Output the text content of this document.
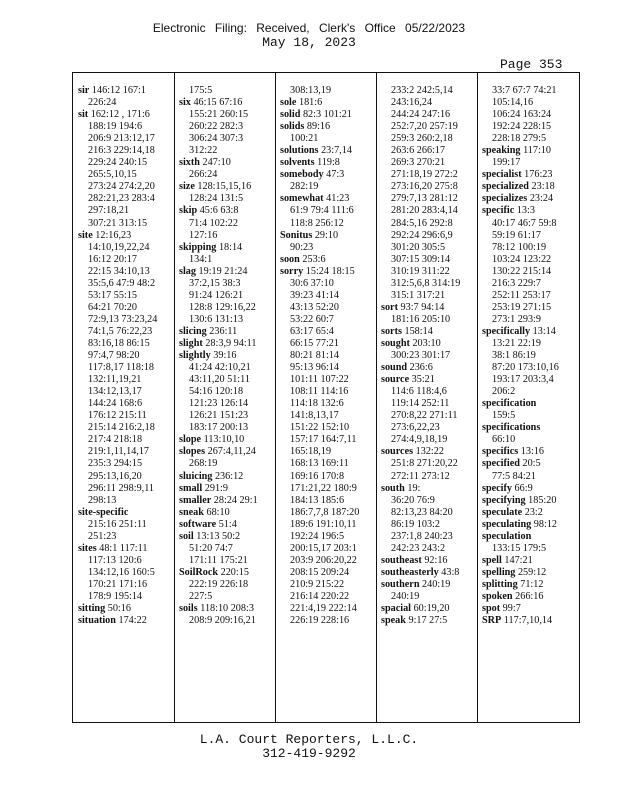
Electronic Filing: Received, Clerk's Office 05/22/2023
May 18, 2023
Page 353
sir 146:12 167:1
226:24
sit 162:12 , 171:6
188:19 194:6
206:9 213:12,17
216:3 229:14,18
229:24 240:15
265:5,10,15
273:24 274:2,20
282:21,23 283:4
297:18,21
307:21 313:15
site 12:16,23
14:10,19,22,24
16:12 20:17
22:15 34:10,13
35:5,6 47:9 48:2
53:17 55:15
64:21 70:20
72:9,13 73:23,24
74:1,5 76:22,23
83:16,18 86:15
97:4,7 98:20
117:8,17 118:18
132:11,19,21
134:12,13,17
144:24 168:6
176:12 215:11
215:14 216:2,18
217:4 218:18
219:1,11,14,17
235:3 294:15
295:13,16,20
296:11 298:9,11
298:13
site-specific
215:16 251:11
251:23
sites 48:1 117:11
117:13 120:6
134:12,16 160:5
170:21 171:16
178:9 195:14
sitting 50:16
situation 174:22
175:5
six 46:15 67:16
155:21 260:15
260:22 282:3
306:24 307:3
312:22
sixth 247:10
266:24
size 128:15,15,16
128:24 131:5
skip 45:6 63:8
71:4 102:22
127:16
skipping 18:14
134:1
slag 19:19 21:24
37:2,15 38:3
91:24 126:21
128:8 129:16,22
130:6 131:13
slicing 236:11
slight 28:3,9 94:11
slightly 39:16
41:24 42:10,21
43:11,20 51:11
54:16 120:18
121:23 126:14
126:21 151:23
183:17 200:13
slope 113:10,10
slopes 267:4,11,24
268:19
sluicing 236:12
small 291:9
smaller 28:24 29:1
sneak 68:10
software 51:4
soil 13:13 50:2
51:20 74:7
171:11 175:21
SoilRock 220:15
222:19 226:18
227:5
soils 118:10 208:3
208:9 209:16,21
308:13,19
sole 181:6
solid 82:3 101:21
solids 89:16
100:21
solutions 23:7,14
solvents 119:8
somebody 47:3
282:19
somewhat 41:23
61:9 79:4 111:6
118:8 256:12
Sonitus 29:10
90:23
soon 253:6
sorry 15:24 18:15
30:6 37:10
39:23 41:14
43:13 52:20
53:22 60:7
63:17 65:4
66:15 77:21
80:21 81:14
95:13 96:14
101:11 107:22
108:11 114:16
114:18 132:6
141:8,13,17
151:22 152:10
157:17 164:7,11
165:18,19
168:13 169:11
169:16 170:8
171:21,22 180:9
184:13 185:6
186:7,7,8 187:20
189:6 191:10,11
192:24 196:5
200:15,17 203:1
203:9 206:20,22
208:15 209:24
210:9 215:22
216:14 220:22
221:4,19 222:14
226:19 228:16
233:2 242:5,14
243:16,24
244:24 247:16
252:7,20 257:19
259:3 260:2,18
263:6 266:17
269:3 270:21
271:18,19 272:2
273:16,20 275:8
279:7,13 281:12
281:20 283:4,14
284:5,16 292:8
292:24 296:6,9
301:20 305:5
307:15 309:14
310:19 311:22
312:5,6,8 314:19
315:1 317:21
sort 93:7 94:14
181:16 205:10
sorts 158:14
sought 203:10
300:23 301:17
sound 236:6
source 35:21
114:6 118:4,6
119:14 252:11
270:8,22 271:11
273:6,22,23
274:4,9,18,19
sources 132:22
251:8 271:20,22
272:11 273:12
south 19:
36:20 76:9
82:13,23 84:20
86:19 103:2
237:1,8 240:23
242:23 243:2
southeast 92:16
southeasterly 43:8
southern 240:19
240:19
spacial 60:19,20
speak 9:17 27:5
33:7 67:7 74:21
105:14,16
106:24 163:24
192:24 228:15
228:18 279:5
speaking 117:10
199:17
specialist 176:23
specialized 23:18
specializes 23:24
specific 13:3
40:17 46:7 59:8
59:19 61:17
78:12 100:19
103:24 123:22
130:22 215:14
216:3 229:7
252:11 253:17
253:19 271:15
273:1 293:9
specifically 13:14
13:21 22:19
38:1 86:19
87:20 173:10,16
193:17 203:3,4
206:2
specification
159:5
specifications
66:10
specifics 13:16
specified 20:5
77:5 84:21
specify 66:9
specifying 185:20
speculate 23:2
speculating 98:12
speculation
133:15 179:5
spell 147:21
spelling 259:12
splitting 71:12
spoken 266:16
spot 99:7
SRP 117:7,10,14
L.A. Court Reporters, L.L.C.
312-419-9292
